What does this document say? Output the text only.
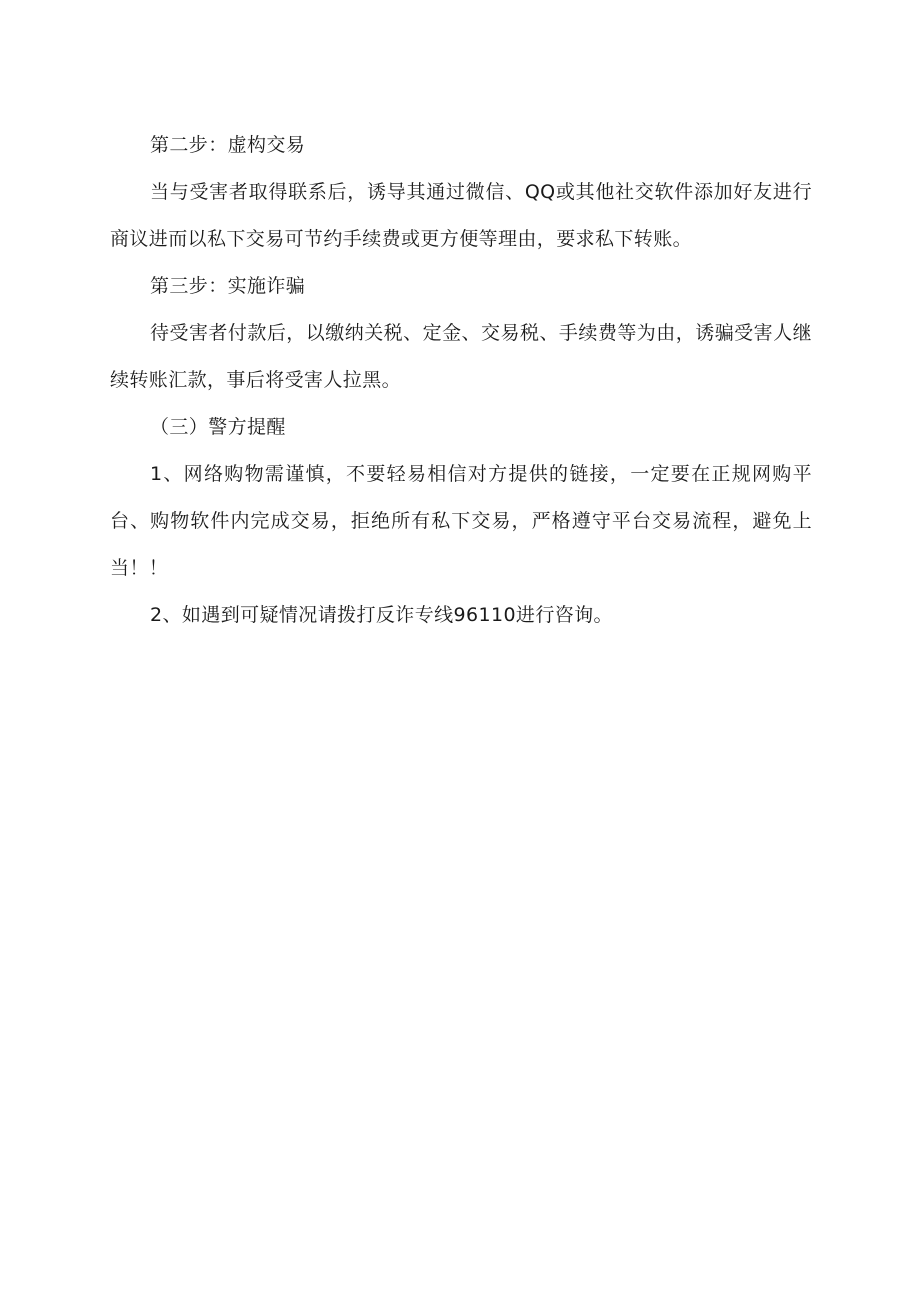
第二步：虚构交易

当与受害者取得联系后，诱导其通过微信、QQ或其他社交软件添加好友进行商议进而以私下交易可节约手续费或更方便等理由，要求私下转账。

第三步：实施诈骗

待受害者付款后，以缴纳关税、定金、交易税、手续费等为由，诱骗受害人继续转账汇款，事后将受害人拉黑。

（三）警方提醒

1、网络购物需谨慎，不要轻易相信对方提供的链接，一定要在正规网购平台、购物软件内完成交易，拒绝所有私下交易，严格遵守平台交易流程，避免上当！！

2、如遇到可疑情况请拨打反诈专线96110进行咨询。
